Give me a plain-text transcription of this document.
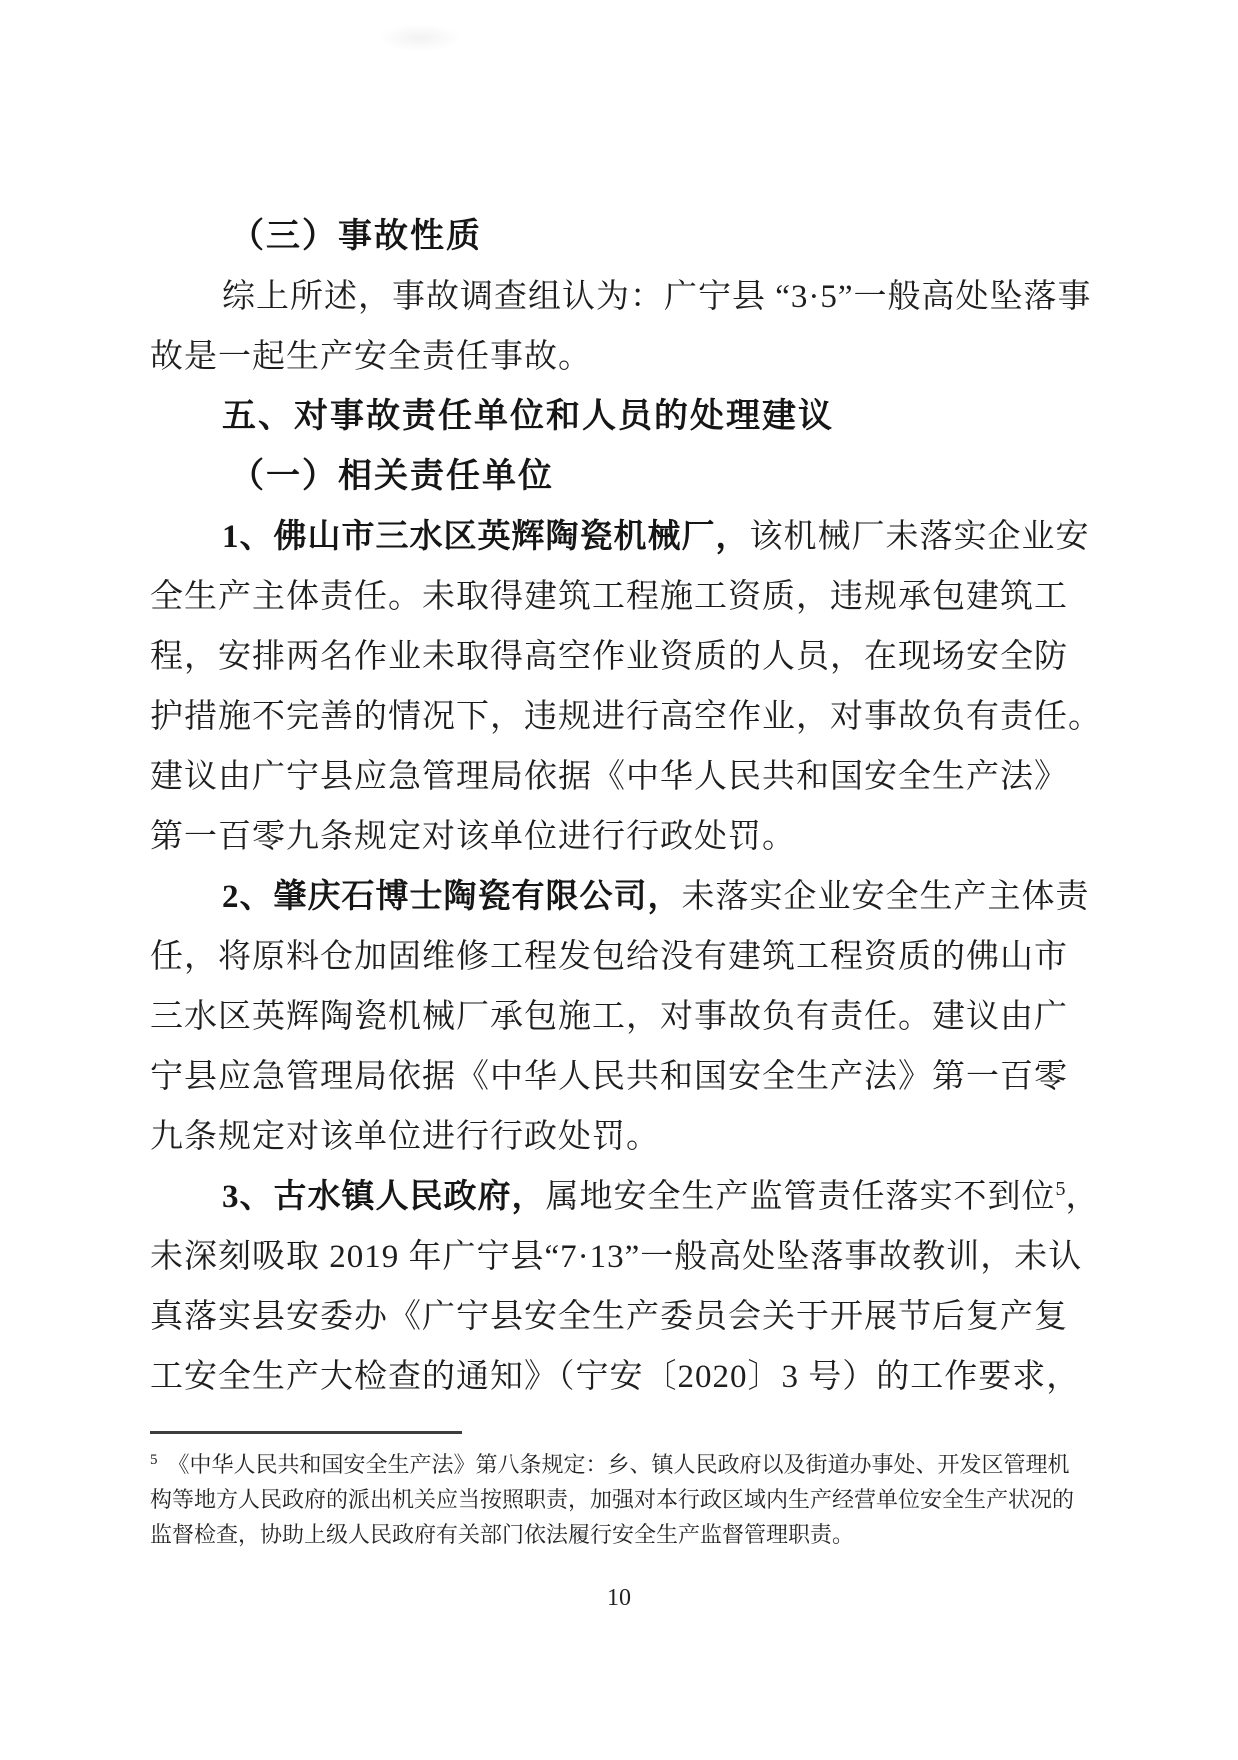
（三）事故性质
综上所述，事故调查组认为：广宁县 “3·5”一般高处坠落事
故是一起生产安全责任事故。
五、对事故责任单位和人员的处理建议
（一）相关责任单位
1、佛山市三水区英辉陶瓷机械厂，该机械厂未落实企业安
全生产主体责任。未取得建筑工程施工资质，违规承包建筑工
程，安排两名作业未取得高空作业资质的人员，在现场安全防
护措施不完善的情况下，违规进行高空作业，对事故负有责任。
建议由广宁县应急管理局依据《中华人民共和国安全生产法》
第一百零九条规定对该单位进行行政处罚。
2、肇庆石博士陶瓷有限公司，未落实企业安全生产主体责
任，将原料仓加固维修工程发包给没有建筑工程资质的佛山市
三水区英辉陶瓷机械厂承包施工，对事故负有责任。建议由广
宁县应急管理局依据《中华人民共和国安全生产法》第一百零
九条规定对该单位进行行政处罚。
3、古水镇人民政府，属地安全生产监管责任落实不到位$^5$，
未深刻吸取 2019 年广宁县“7·13”一般高处坠落事故教训，未认
真落实县安委办《广宁县安全生产委员会关于开展节后复产复
工安全生产大检查的通知》（宁安〔2020〕3 号）的工作要求，
$^5$ 《中华人民共和国安全生产法》第八条规定：乡、镇人民政府以及街道办事处、开发区管理机
构等地方人民政府的派出机关应当按照职责，加强对本行政区域内生产经营单位安全生产状况的
监督检查，协助上级人民政府有关部门依法履行安全生产监督管理职责。
10
